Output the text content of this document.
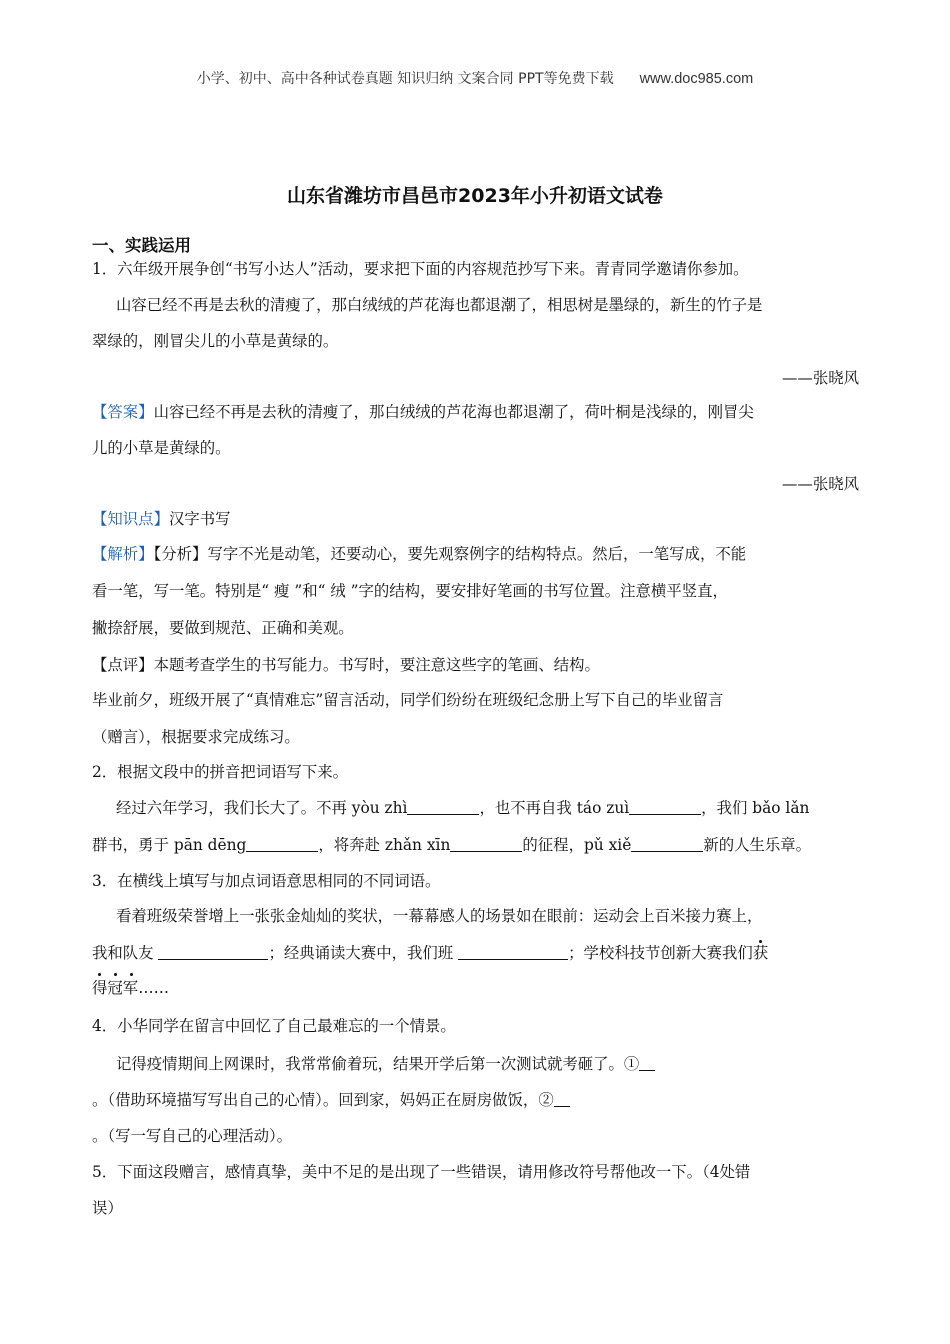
小学、初中、高中各种试卷真题 知识归纳 文案合同 PPT等免费下载 www.doc985.com
山东省潍坊市昌邑市2023年小升初语文试卷
一、实践运用
1．六年级开展争创“书写小达人”活动，要求把下面的内容规范抄写下来。青青同学邀请你参加。
山容已经不再是去秋的清瘦了，那白绒绒的芦花海也都退潮了，相思树是墨绿的，新生的竹子是
翠绿的，刚冒尖儿的小草是黄绿的。
——张晓风
【答案】山容已经不再是去秋的清瘦了，那白绒绒的芦花海也都退潮了，荷叶桐是浅绿的，刚冒尖
儿的小草是黄绿的。
——张晓风
【知识点】汉字书写
【解析】【分析】写字不光是动笔，还要动心，要先观察例字的结构特点。然后，一笔写成，不能
看一笔，写一笔。特别是“ 瘦 ”和“ 绒 ”字的结构，要安排好笔画的书写位置。注意横平竖直，
撇捺舒展，要做到规范、正确和美观。
【点评】本题考查学生的书写能力。书写时，要注意这些字的笔画、结构。
毕业前夕，班级开展了“真情难忘”留言活动，同学们纷纷在班级纪念册上写下自己的毕业留言
（赠言），根据要求完成练习。
2．根据文段中的拼音把词语写下来。
经过六年学习，我们长大了。不再 yòu zhì	，也不再自我 táo zuì	，我们 bǎo lǎn
群书，勇于 pān dēng	，将奔赴 zhǎn xīn	的征程，pǔ xiě	新的人生乐章。
3．在横线上填写与加点词语意思相同的不同词语。
看着班级荣誉增上一张张金灿灿的奖状，一幕幕感人的场景如在眼前：运动会上百米接力赛上，
我和队友	；经典诵读大赛中，我们班	；学校科技节创新大赛我们获
得冠军
……
4．小华同学在留言中回忆了自己最难忘的一个情景。
记得疫情期间上网课时，我常常偷着玩，结果开学后第一次测试就考砸了。①
。（借助环境描写写出自己的心情）。回到家，妈妈正在厨房做饭，②
。（写一写自己的心理活动）。
5．下面这段赠言，感情真挚，美中不足的是出现了一些错误，请用修改符号帮他改一下。（4处错
误）
